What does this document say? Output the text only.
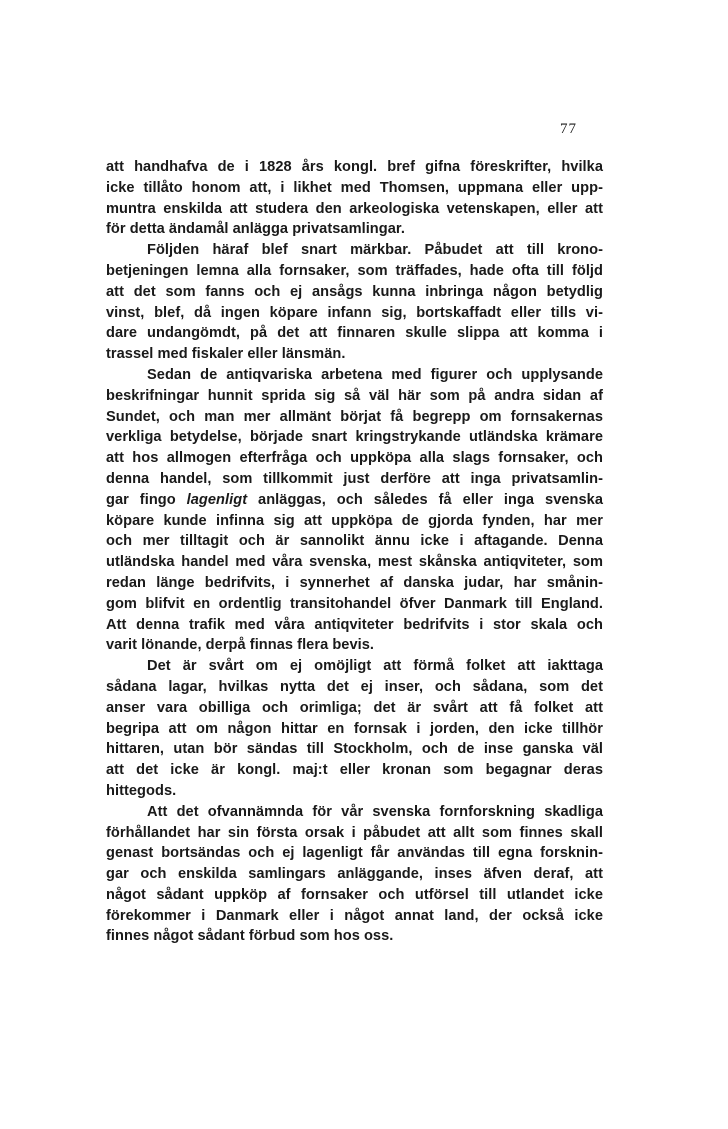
77
att handhafva de i 1828 års kongl. bref gifna föreskrifter, hvilka
icke tillåto honom att, i likhet med Thomsen, uppmana eller upp-
muntra enskilda att studera den arkeologiska vetenskapen, eller att
för detta ändamål anlägga privatsamlingar.
Följden häraf blef snart märkbar. Påbudet att till krono-
betjeningen lemna alla fornsaker, som träffades, hade ofta till följd
att det som fanns och ej ansågs kunna inbringa någon betydlig
vinst, blef, då ingen köpare infann sig, bortskaffadt eller tills vi-
dare undangömdt, på det att finnaren skulle slippa att komma i
trassel med fiskaler eller länsmän.
Sedan de antiqvariska arbetena med figurer och upplysande
beskrifningar hunnit sprida sig så väl här som på andra sidan af
Sundet, och man mer allmänt börjat få begrepp om fornsakernas
verkliga betydelse, började snart kringstrykande utländska krämare
att hos allmogen efterfråga och uppköpa alla slags fornsaker, och
denna handel, som tillkommit just derföre att inga privatsamlin-
gar fingo lagenligt anläggas, och således få eller inga svenska
köpare kunde infinna sig att uppköpa de gjorda fynden, har mer
och mer tilltagit och är sannolikt ännu icke i aftagande. Denna
utländska handel med våra svenska, mest skånska antiqviteter, som
redan länge bedrifvits, i synnerhet af danska judar, har smånin-
gom blifvit en ordentlig transitohandel öfver Danmark till England.
Att denna trafik med våra antiqviteter bedrifvits i stor skala och
varit lönande, derpå finnas flera bevis.
Det är svårt om ej omöjligt att förmå folket att iakttaga
sådana lagar, hvilkas nytta det ej inser, och sådana, som det
anser vara obilliga och orimliga; det är svårt att få folket att
begripa att om någon hittar en fornsak i jorden, den icke tillhör
hittaren, utan bör sändas till Stockholm, och de inse ganska väl
att det icke är kongl. maj:t eller kronan som begagnar deras
hittegods.
Att det ofvannämnda för vår svenska fornforskning skadliga
förhållandet har sin första orsak i påbudet att allt som finnes skall
genast bortsändas och ej lagenligt får användas till egna forsknin-
gar och enskilda samlingars anläggande, inses äfven deraf, att
något sådant uppköp af fornsaker och utförsel till utlandet icke
förekommer i Danmark eller i något annat land, der också icke
finnes något sådant förbud som hos oss.
